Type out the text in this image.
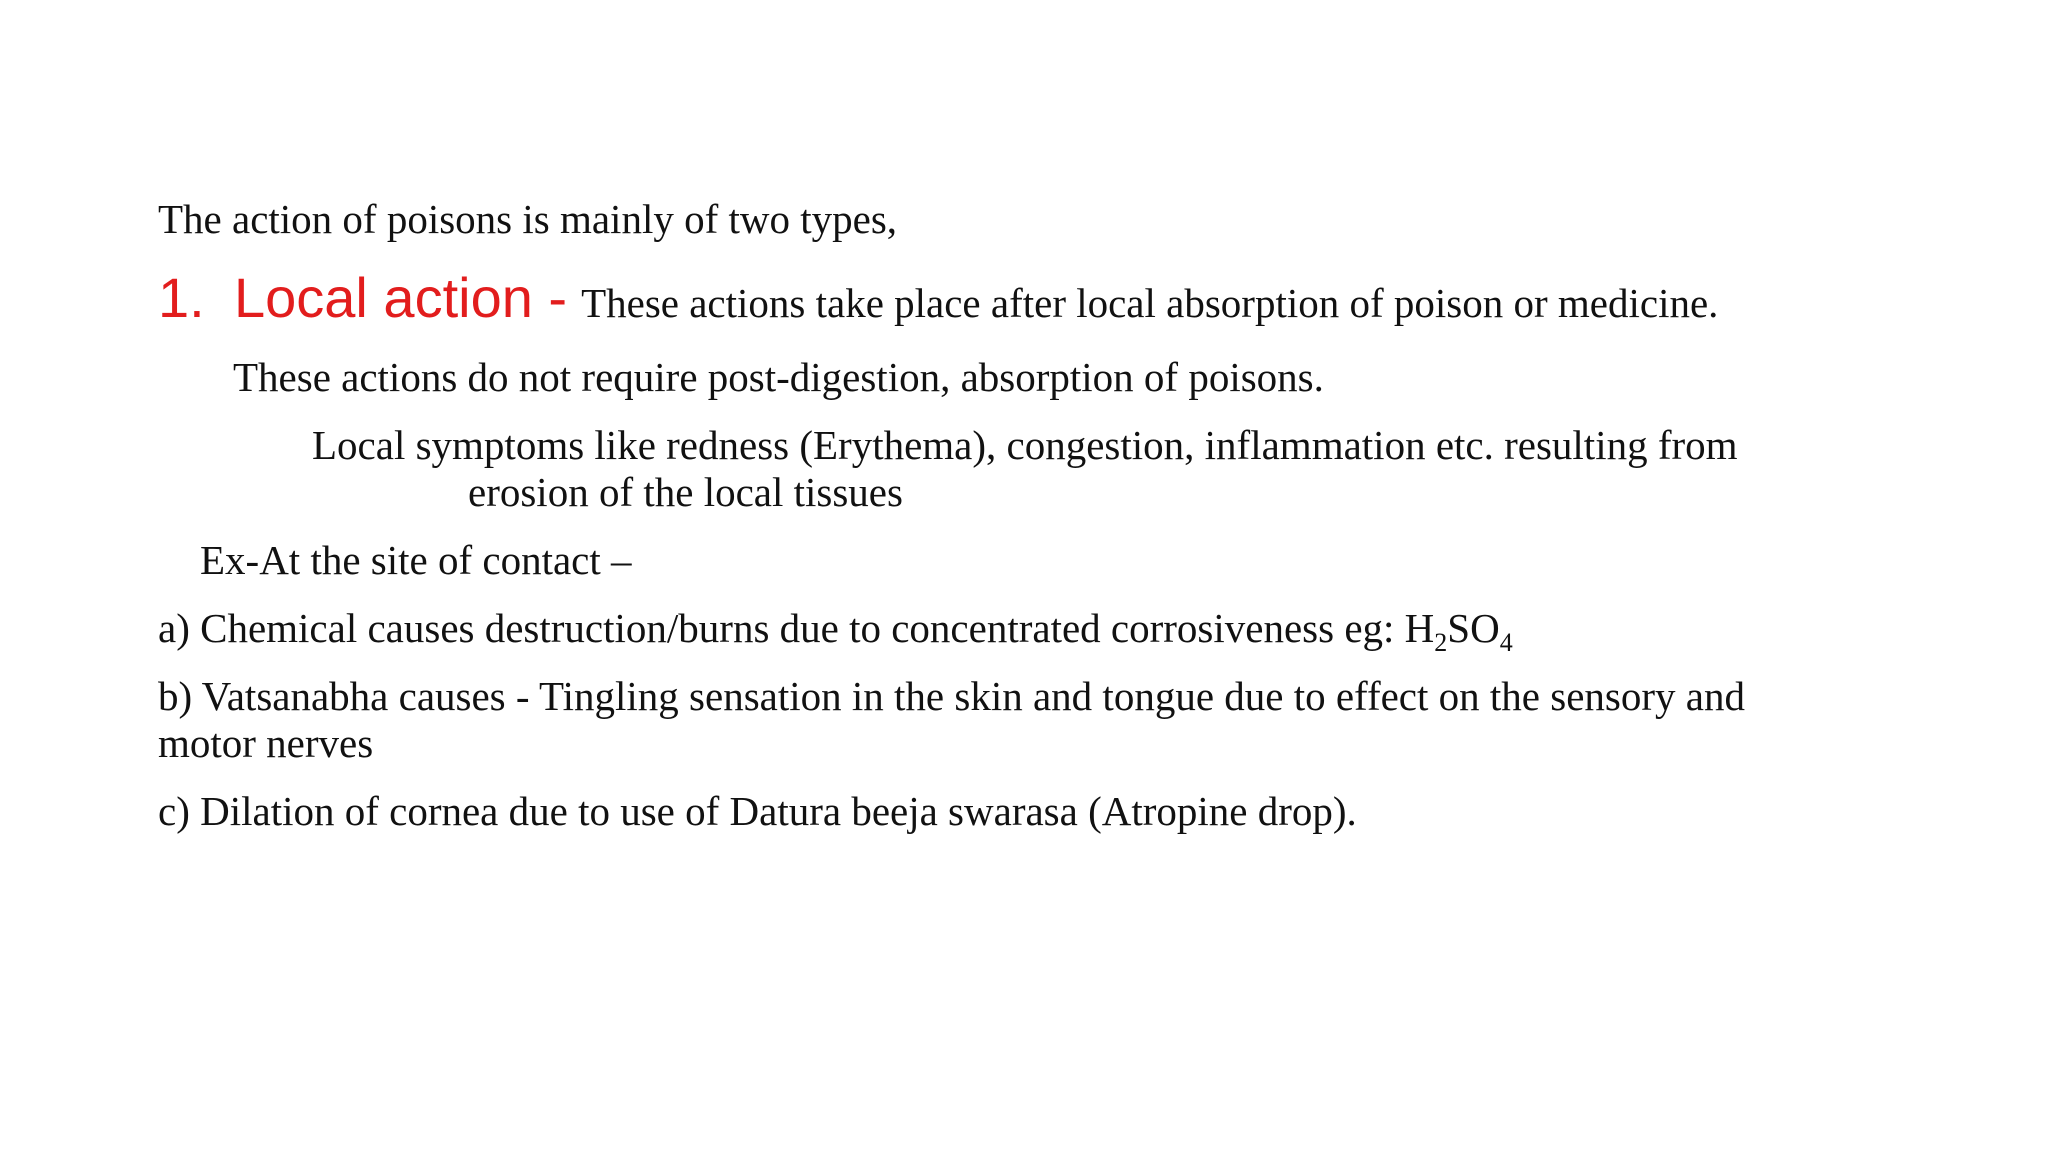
The action of poisons is mainly of two types,
1. Local action - These actions take place after local absorption of poison or medicine.
These actions do not require post-digestion, absorption of poisons.
Local symptoms like redness (Erythema), congestion, inflammation etc. resulting from
erosion of the local tissues
Ex-At the site of contact –
a) Chemical causes destruction/burns due to concentrated corrosiveness eg: $H_2SO_4$
b) Vatsanabha causes - Tingling sensation in the skin and tongue due to effect on the sensory and
motor nerves
c) Dilation of cornea due to use of Datura beeja swarasa (Atropine drop).
